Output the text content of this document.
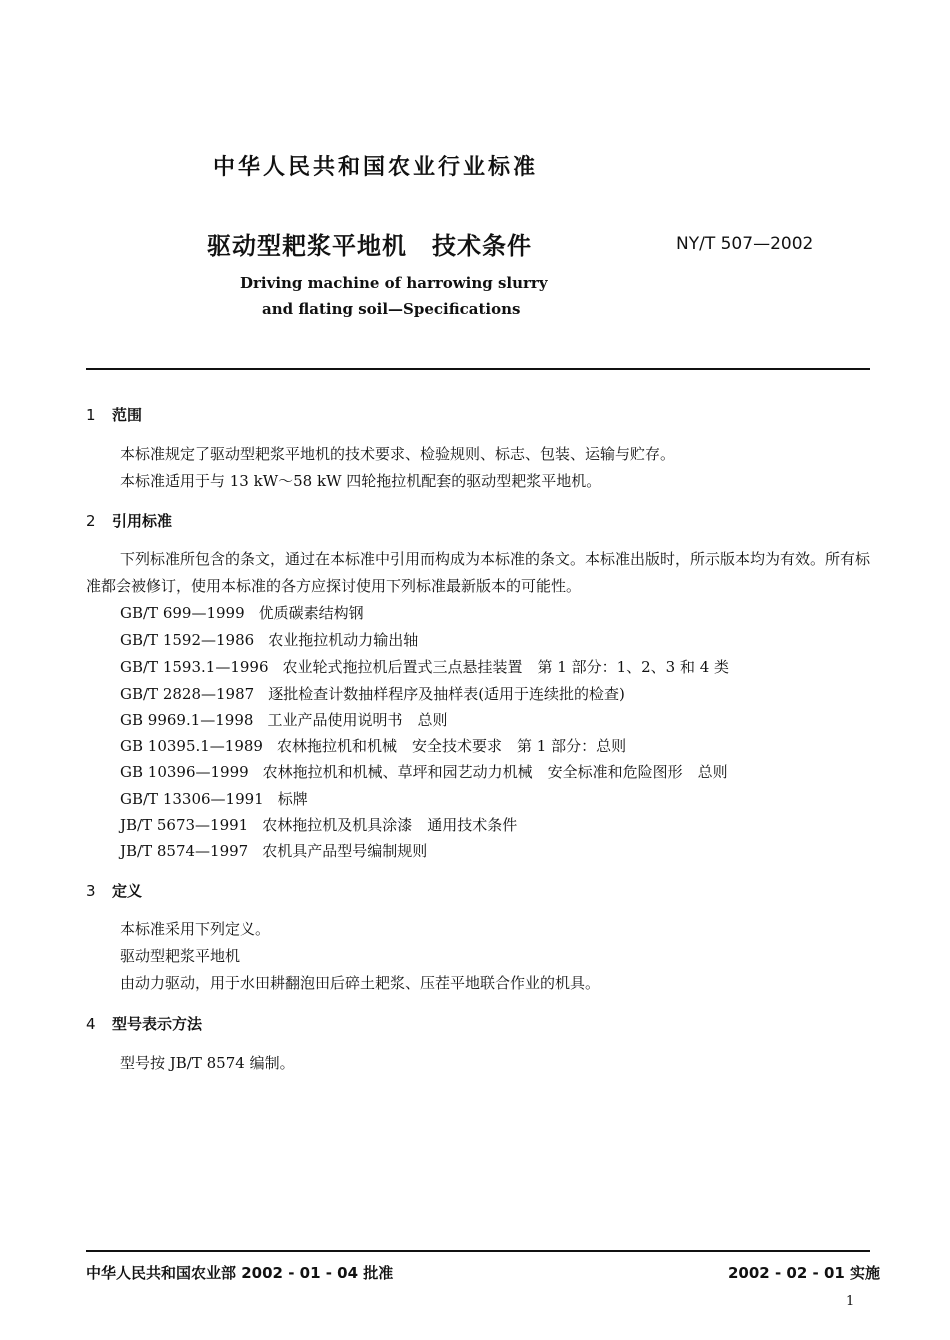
中华人民共和国农业行业标准
驱动型耙浆平地机　技术条件	NY/T 507—2002
Driving machine of harrowing slurry
and flating soil—Specifications
1 范围
本标准规定了驱动型耙浆平地机的技术要求、检验规则、标志、包装、运输与贮存。
本标准适用于与 13 kW～58 kW 四轮拖拉机配套的驱动型耙浆平地机。
2 引用标准
下列标准所包含的条文，通过在本标准中引用而构成为本标准的条文。本标准出版时，所示版本均为有效。所有标准都会被修订，使用本标准的各方应探讨使用下列标准最新版本的可能性。
GB/T 699—1999 优质碳素结构钢
GB/T 1592—1986 农业拖拉机动力输出轴
GB/T 1593.1—1996 农业轮式拖拉机后置式三点悬挂装置　第 1 部分：1、2、3 和 4 类
GB/T 2828—1987 逐批检查计数抽样程序及抽样表(适用于连续批的检查)
GB 9969.1—1998 工业产品使用说明书　总则
GB 10395.1—1989 农林拖拉机和机械　安全技术要求　第 1 部分：总则
GB 10396—1999 农林拖拉机和机械、草坪和园艺动力机械　安全标准和危险图形　总则
GB/T 13306—1991 标牌
JB/T 5673—1991 农林拖拉机及机具涂漆　通用技术条件
JB/T 8574—1997 农机具产品型号编制规则
3 定义
本标准采用下列定义。
驱动型耙浆平地机
由动力驱动，用于水田耕翻泡田后碎土耙浆、压茬平地联合作业的机具。
4 型号表示方法
型号按 JB/T 8574 编制。
中华人民共和国农业部 2002 - 01 - 04 批准	2002 - 02 - 01 实施
1
